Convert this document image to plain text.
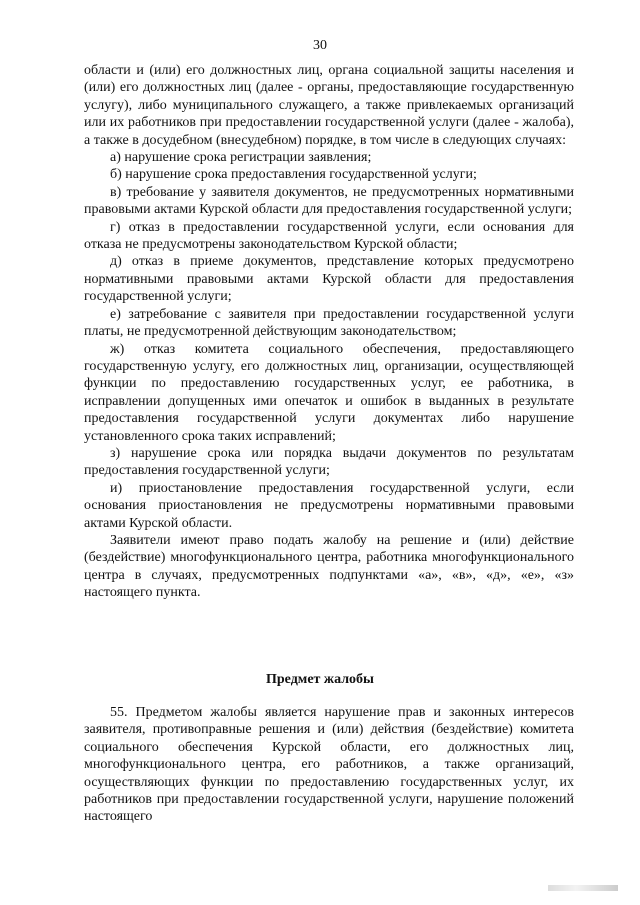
30

области и (или) его должностных лиц, органа социальной защиты населения и (или) его должностных лиц (далее - органы, предоставляющие государственную услугу), либо муниципального служащего, а также привлекаемых организаций или их работников при предоставлении государственной услуги (далее - жалоба), а также в досудебном (внесудебном) порядке, в том числе в следующих случаях:

а) нарушение срока регистрации заявления;

б) нарушение срока предоставления государственной услуги;

в) требование у заявителя документов, не предусмотренных нормативными правовыми актами Курской области для предоставления государственной услуги;

г) отказ в предоставлении государственной услуги, если основания для отказа не предусмотрены законодательством Курской области;

д) отказ в приеме документов, представление которых предусмотрено нормативными правовыми актами Курской области для предоставления государственной услуги;

е) затребование с заявителя при предоставлении государственной услуги платы, не предусмотренной действующим законодательством;

ж) отказ комитета социального обеспечения, предоставляющего государственную услугу, его должностных лиц, организации, осуществляющей функции по предоставлению государственных услуг, ее работника, в исправлении допущенных ими опечаток и ошибок в выданных в результате предоставления государственной услуги документах либо нарушение установленного срока таких исправлений;

з) нарушение срока или порядка выдачи документов по результатам предоставления государственной услуги;

и) приостановление предоставления государственной услуги, если основания приостановления не предусмотрены нормативными правовыми актами Курской области.

Заявители имеют право подать жалобу на решение и (или) действие (бездействие) многофункционального центра, работника многофункционального центра в случаях, предусмотренных подпунктами «а», «в», «д», «е», «з» настоящего пункта.

Предмет жалобы

55. Предметом жалобы является нарушение прав и законных интересов заявителя, противоправные решения и (или) действия (бездействие) комитета социального обеспечения Курской области, его должностных лиц, многофункционального центра, его работников, а также организаций, осуществляющих функции по предоставлению государственных услуг, их работников при предоставлении государственной услуги, нарушение положений настоящего
